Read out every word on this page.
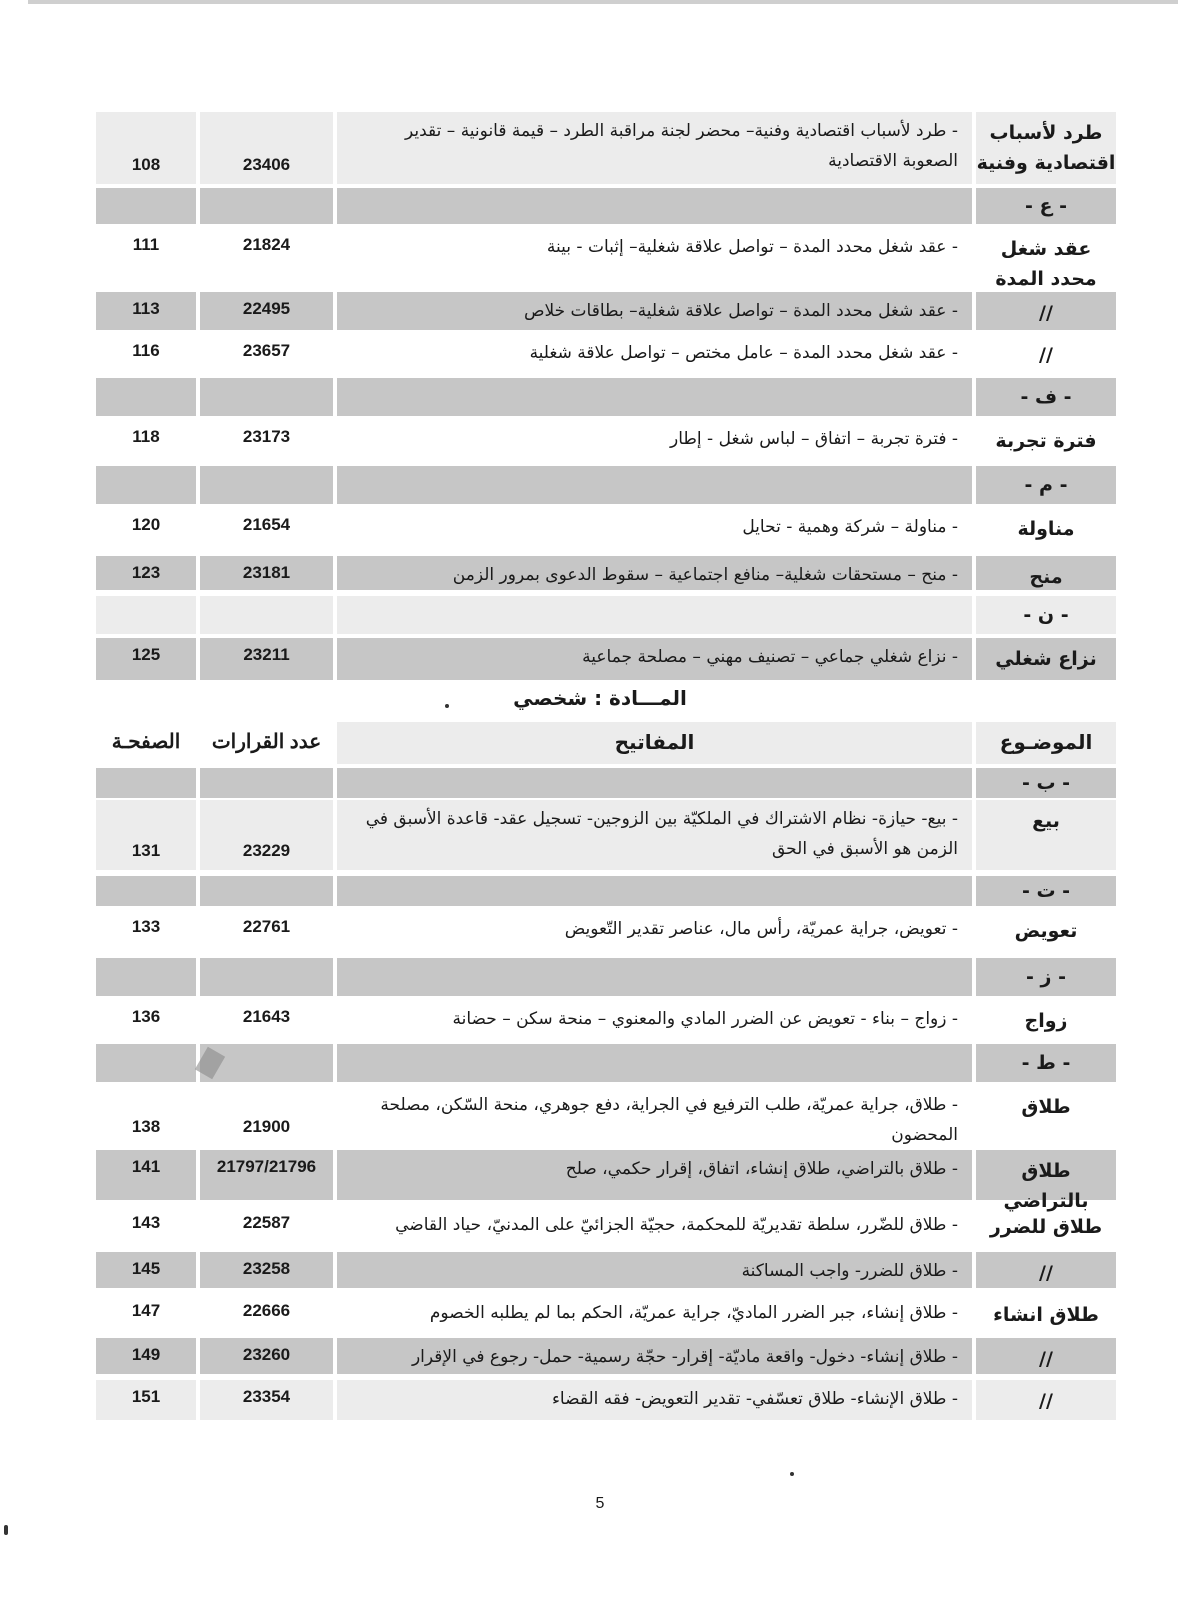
طرد لأسباب اقتصادية وفنية
- طرد لأسباب اقتصادية وفنية– محضر لجنة مراقبة الطرد – قيمة قانونية – تقدير الصعوبة الاقتصادية
23406
108
- ع -
عقد شغل محدد المدة
- عقد شغل محدد المدة – تواصل علاقة شغلية– إثبات - بينة
21824
111
//
- عقد شغل محدد المدة – تواصل علاقة شغلية– بطاقات خلاص
22495
113
//
- عقد شغل محدد المدة – عامل مختص – تواصل علاقة شغلية
23657
116
- ف -
فترة تجربة
- فترة تجربة – اتفاق – لباس شغل - إطار
23173
118
- م -
مناولة
- مناولة – شركة وهمية - تحايل
21654
120
منح
- منح – مستحقات شغلية– منافع اجتماعية – سقوط الدعوى بمرور الزمن
23181
123
- ن -
نزاع شغلي
- نزاع شغلي جماعي – تصنيف مهني – مصلحة جماعية
23211
125
المـــادة : شخصي
الموضـوع
المفاتيح
عدد القرارات
الصفحـة
- ب -
بيع
- بيع- حيازة- نظام الاشتراك في الملكيّة بين الزوجين- تسجيل عقد- قاعدة الأسبق في الزمن هو الأسبق في الحق
23229
131
- ت -
تعويض
- تعويض، جراية عمريّة، رأس مال، عناصر تقدير التّعويض
22761
133
- ز -
زواج
- زواج – بناء - تعويض عن الضرر المادي والمعنوي – منحة سكن – حضانة
21643
136
- ط -
طلاق
- طلاق، جراية عمريّة، طلب الترفيع في الجراية، دفع جوهري، منحة السّكن، مصلحة المحضون
21900
138
طلاق بالتراضي
- طلاق بالتراضي، طلاق إنشاء، اتفاق، إقرار حكمي، صلح
21797/21796
141
طلاق للضرر
- طلاق للضّرر، سلطة تقديريّة للمحكمة، حجيّة الجزائيّ على المدنيّ، حياد القاضي
22587
143
//
- طلاق للضرر- واجب المساكنة
23258
145
طلاق انشاء
- طلاق إنشاء، جبر الضرر الماديّ، جراية عمريّة، الحكم بما لم يطلبه الخصوم
22666
147
//
- طلاق إنشاء- دخول- واقعة ماديّة- إقرار- حجّة رسمية- حمل- رجوع في الإقرار
23260
149
//
- طلاق الإنشاء- طلاق تعسّفي- تقدير التعويض- فقه القضاء
23354
151
5
